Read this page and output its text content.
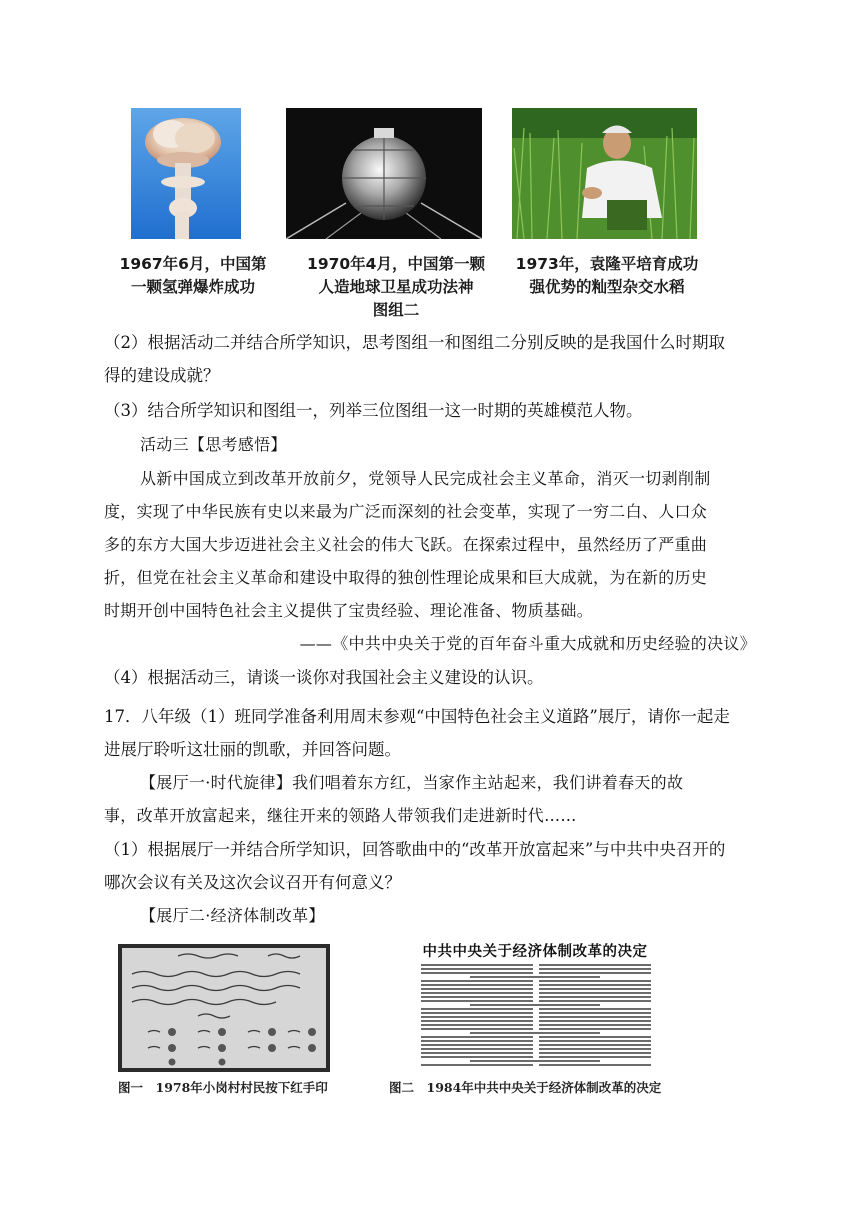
1967年6月，中国第
一颗氢弹爆炸成功
1970年4月，中国第一颗
人造地球卫星成功法神
图组二
1973年，袁隆平培育成功
强优势的籼型杂交水稻
（2）根据活动二并结合所学知识，思考图组一和图组二分别反映的是我国什么时期取
得的建设成就？
（3）结合所学知识和图组一，列举三位图组一这一时期的英雄模范人物。
活动三【思考感悟】
从新中国成立到改革开放前夕，党领导人民完成社会主义革命，消灭一切剥削制
度，实现了中华民族有史以来最为广泛而深刻的社会变革，实现了一穷二白、人口众
多的东方大国大步迈进社会主义社会的伟大飞跃。在探索过程中，虽然经历了严重曲
折，但党在社会主义革命和建设中取得的独创性理论成果和巨大成就，为在新的历史
时期开创中国特色社会主义提供了宝贵经验、理论准备、物质基础。
——《中共中央关于党的百年奋斗重大成就和历史经验的决议》
（4）根据活动三，请谈一谈你对我国社会主义建设的认识。
17．八年级（1）班同学准备利用周末参观“中国特色社会主义道路”展厅，请你一起走
进展厅聆听这壮丽的凯歌，并回答问题。
【展厅一·时代旋律】我们唱着东方红，当家作主站起来，我们讲着春天的故
事，改革开放富起来，继往开来的领路人带领我们走进新时代……
（1）根据展厅一并结合所学知识，回答歌曲中的“改革开放富起来”与中共中央召开的
哪次会议有关及这次会议召开有何意义？
【展厅二·经济体制改革】
中共中央关于经济体制改革的决定
图一　1978年小岗村村民按下红手印	图二　1984年中共中央关于经济体制改革的决定
